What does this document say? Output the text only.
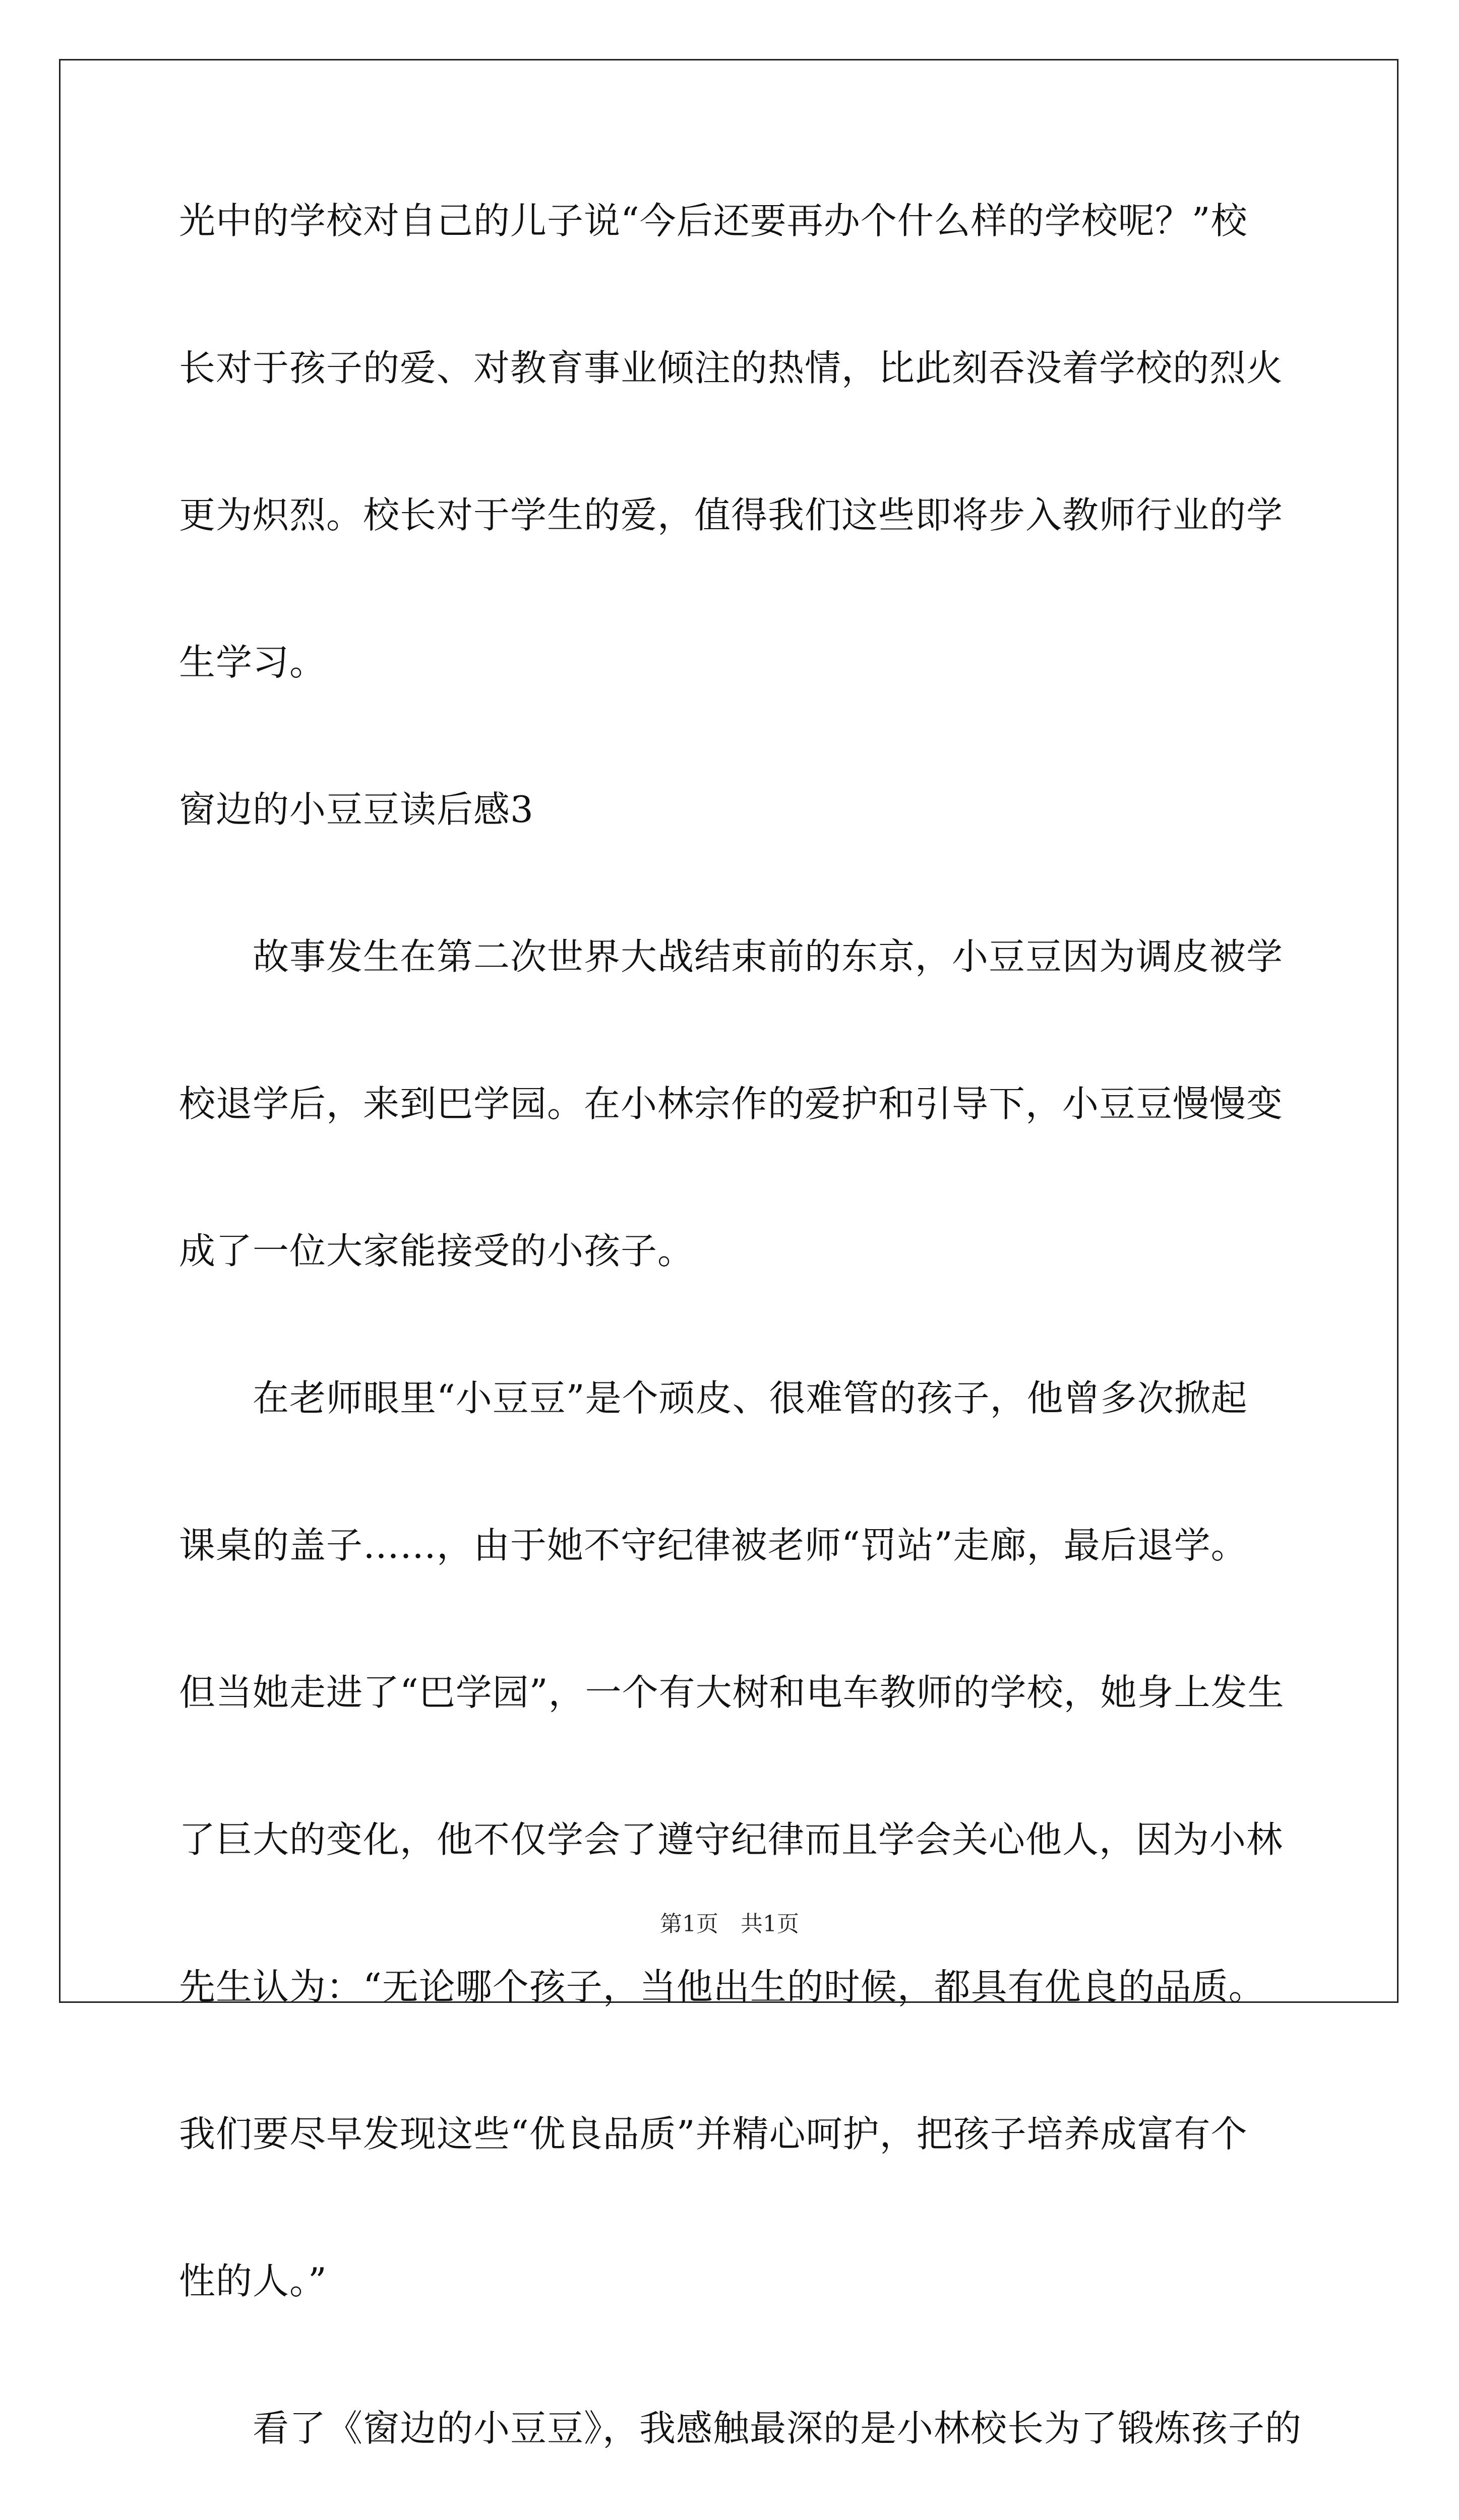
光中的学校对自己的儿子说“今后还要再办个什么样的学校呢？”校
长对于孩子的爱、对教育事业倾注的热情，比此刻吞没着学校的烈火
更为炽烈。校长对于学生的爱，值得我们这些即将步入教师行业的学
生学习。
窗边的小豆豆读后感3
故事发生在第二次世界大战结束前的东京，小豆豆因为调皮被学
校退学后，来到巴学园。在小林宗作的爱护和引导下，小豆豆慢慢变
成了一位大家能接受的小孩子。
在老师眼里“小豆豆”是个顽皮、很难管的孩子，他曾多次掀起
课桌的盖子……，由于她不守纪律被老师“罚站”走廊，最后退学。
但当她走进了“巴学园”，一个有大树和电车教师的学校，她身上发生
了巨大的变化，他不仅学会了遵守纪律而且学会关心他人，因为小林
先生认为：“无论哪个孩子，当他出生的时候，都具有优良的品质。
我们要尽早发现这些“优良品质”并精心呵护，把孩子培养成富有个
性的人。”
看了《窗边的小豆豆》，我感触最深的是小林校长为了锻炼孩子的
第1页　共1页
